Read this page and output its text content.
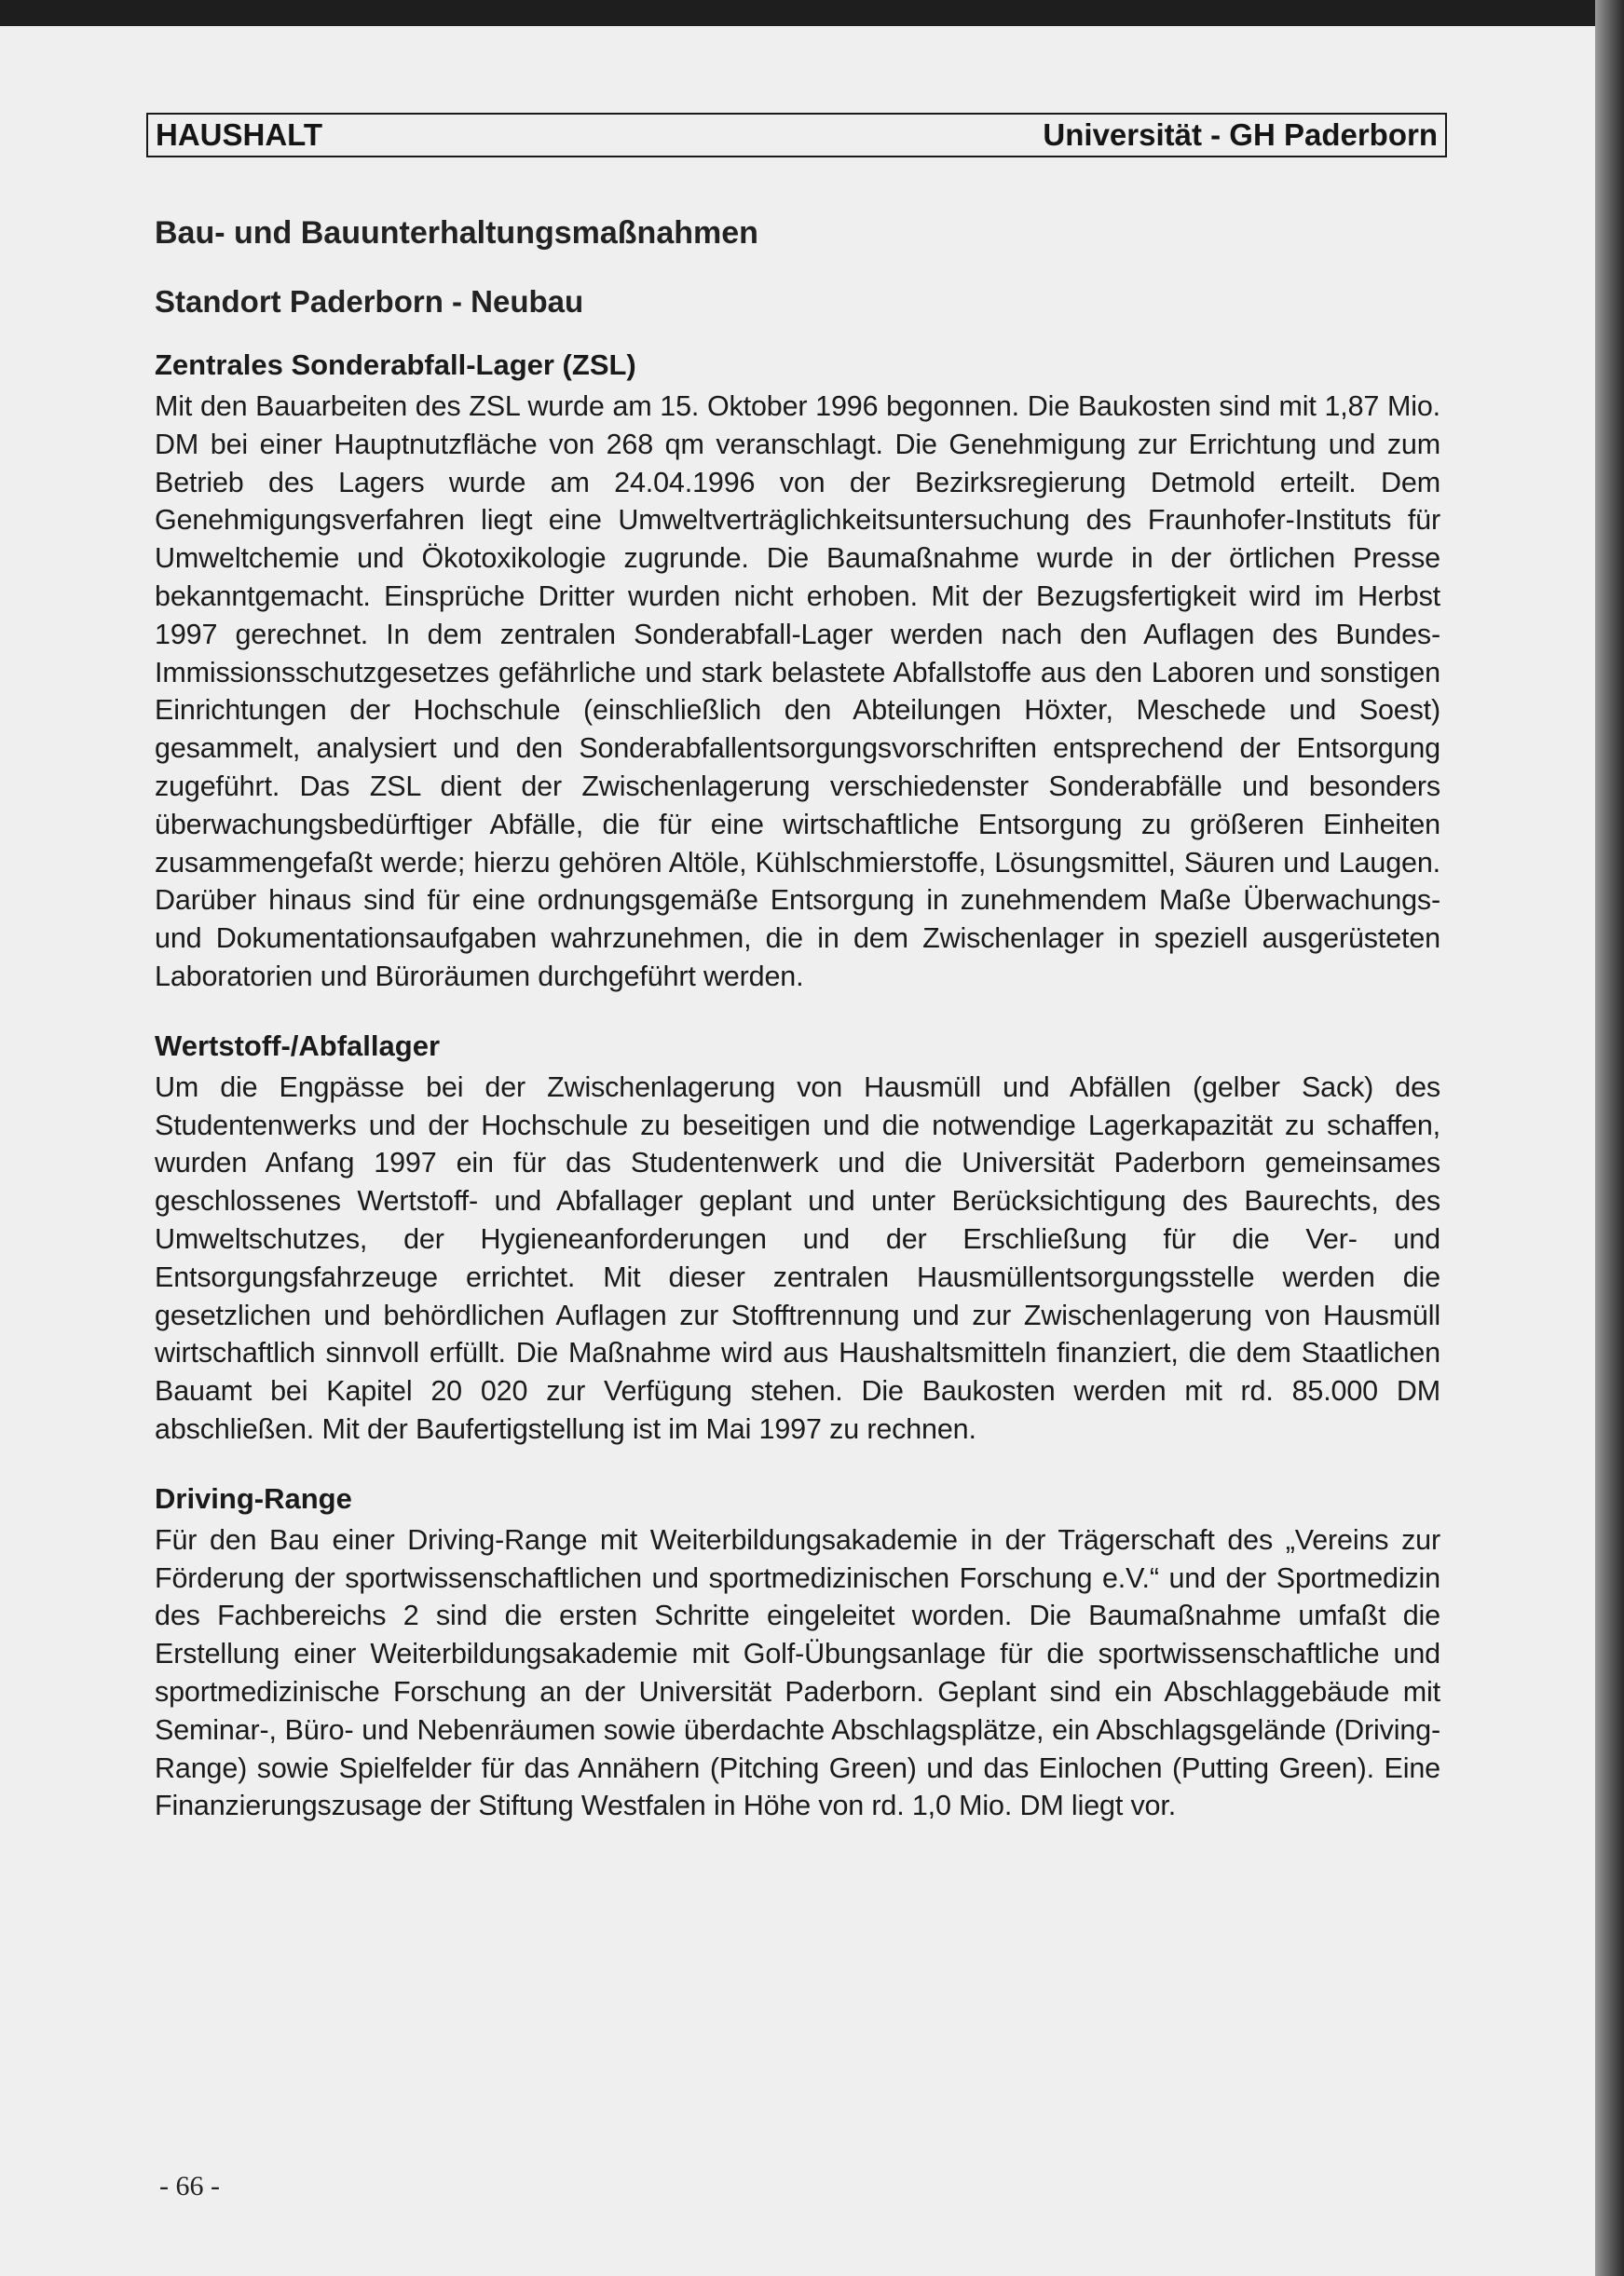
HAUSHALT	Universität - GH Paderborn
Bau- und Bauunterhaltungsmaßnahmen
Standort Paderborn - Neubau
Zentrales Sonderabfall-Lager (ZSL)

Mit den Bauarbeiten des ZSL wurde am 15. Oktober 1996 begonnen. Die Baukosten sind mit 1,87 Mio. DM bei einer Hauptnutzfläche von 268 qm veranschlagt. Die Genehmigung zur Errichtung und zum Betrieb des Lagers wurde am 24.04.1996 von der Bezirksregierung Detmold erteilt. Dem Genehmigungsverfahren liegt eine Umweltverträglichkeitsuntersuchung des Fraunhofer-Instituts für Umweltchemie und Ökotoxikologie zugrunde. Die Baumaßnahme wurde in der örtlichen Presse bekanntgemacht. Einsprüche Dritter wurden nicht erhoben. Mit der Bezugsfertigkeit wird im Herbst 1997 gerechnet. In dem zentralen Sonderabfall-Lager werden nach den Auflagen des Bundes-Immissionsschutzgesetzes gefährliche und stark belastete Abfallstoffe aus den Laboren und sonstigen Einrichtungen der Hochschule (einschließlich den Abteilungen Höxter, Meschede und Soest) gesammelt, analysiert und den Sonderabfallentsorgungsvorschriften entsprechend der Entsorgung zugeführt. Das ZSL dient der Zwischenlagerung verschiedenster Sonderabfälle und besonders überwachungsbedürftiger Abfälle, die für eine wirtschaftliche Entsorgung zu größeren Einheiten zusammengefaßt werde; hierzu gehören Altöle, Kühlschmierstoffe, Lösungsmittel, Säuren und Laugen. Darüber hinaus sind für eine ordnungsgemäße Entsorgung in zunehmendem Maße Überwachungs- und Dokumentationsaufgaben wahrzunehmen, die in dem Zwischenlager in speziell ausgerüsteten Laboratorien und Büroräumen durchgeführt werden.

Wertstoff-/Abfallager

Um die Engpässe bei der Zwischenlagerung von Hausmüll und Abfällen (gelber Sack) des Studentenwerks und der Hochschule zu beseitigen und die notwendige Lagerkapazität zu schaffen, wurden Anfang 1997 ein für das Studentenwerk und die Universität Paderborn gemeinsames geschlossenes Wertstoff- und Abfallager geplant und unter Berücksichtigung des Baurechts, des Umweltschutzes, der Hygieneanforderungen und der Erschließung für die Ver- und Entsorgungsfahrzeuge errichtet. Mit dieser zentralen Hausmüllentsorgungsstelle werden die gesetzlichen und behördlichen Auflagen zur Stofftrennung und zur Zwischenlagerung von Hausmüll wirtschaftlich sinnvoll erfüllt. Die Maßnahme wird aus Haushaltsmitteln finanziert, die dem Staatlichen Bauamt bei Kapitel 20 020 zur Verfügung stehen. Die Baukosten werden mit rd. 85.000 DM abschließen. Mit der Baufertigstellung ist im Mai 1997 zu rechnen.

Driving-Range

Für den Bau einer Driving-Range mit Weiterbildungsakademie in der Trägerschaft des „Vereins zur Förderung der sportwissenschaftlichen und sportmedizinischen Forschung e.V.“ und der Sportmedizin des Fachbereichs 2 sind die ersten Schritte eingeleitet worden. Die Baumaßnahme umfaßt die Erstellung einer Weiterbildungsakademie mit Golf-Übungsanlage für die sportwissenschaftliche und sportmedizinische Forschung an der Universität Paderborn. Geplant sind ein Abschlaggebäude mit Seminar-, Büro- und Nebenräumen sowie überdachte Abschlagsplätze, ein Abschlagsgelände (Driving-Range) sowie Spielfelder für das Annähern (Pitching Green) und das Einlochen (Putting Green). Eine Finanzierungszusage der Stiftung Westfalen in Höhe von rd. 1,0 Mio. DM liegt vor.

- 66 -
